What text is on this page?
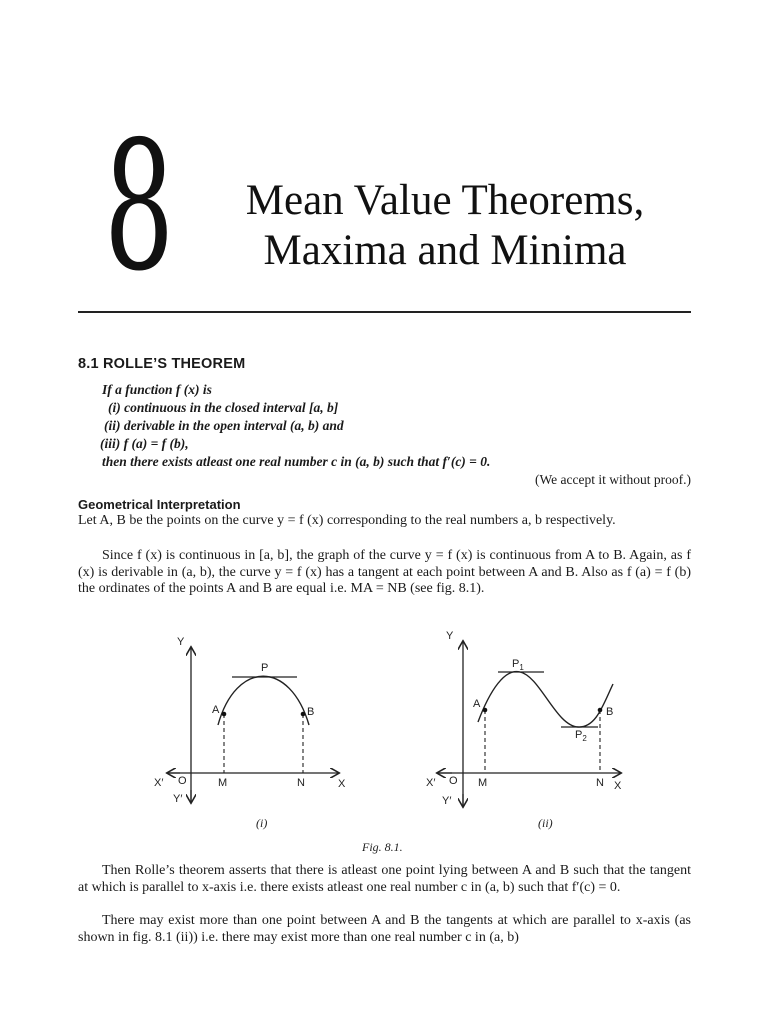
8	Mean Value Theorems,
Maxima and Minima
8.1 ROLLE’S THEOREM
If a function f (x) is
(i) continuous in the closed interval [a, b]
(ii) derivable in the open interval (a, b) and
(iii) f (a) = f (b),
then there exists atleast one real number c in (a, b) such that f′(c) = 0.
(We accept it without proof.)
Geometrical Interpretation
Let A, B be the points on the curve y = f (x) corresponding to the real numbers a, b respectively.
Since f (x) is continuous in [a, b], the graph of the curve y = f (x) is continuous from A to B. Again, as f (x) is derivable in (a, b), the curve y = f (x) has a tangent at each point between A and B. Also as f (a) = f (b) the ordinates of the points A and B are equal i.e. MA = NB (see fig. 8.1).
Y
Y′
X′	X
O
A	B
P
M	N
(i)
Y
Y′
X′	X
O M	N
A
B
$P_1$
$P_2$
(ii)
Fig. 8.1.
Then Rolle’s theorem asserts that there is atleast one point lying between A and B such that the tangent at which is parallel to x-axis i.e. there exists atleast one real number c in (a, b) such that f′(c) = 0.
There may exist more than one point between A and B the tangents at which are parallel to x-axis (as shown in fig. 8.1 (ii)) i.e. there may exist more than one real number c in (a, b)
